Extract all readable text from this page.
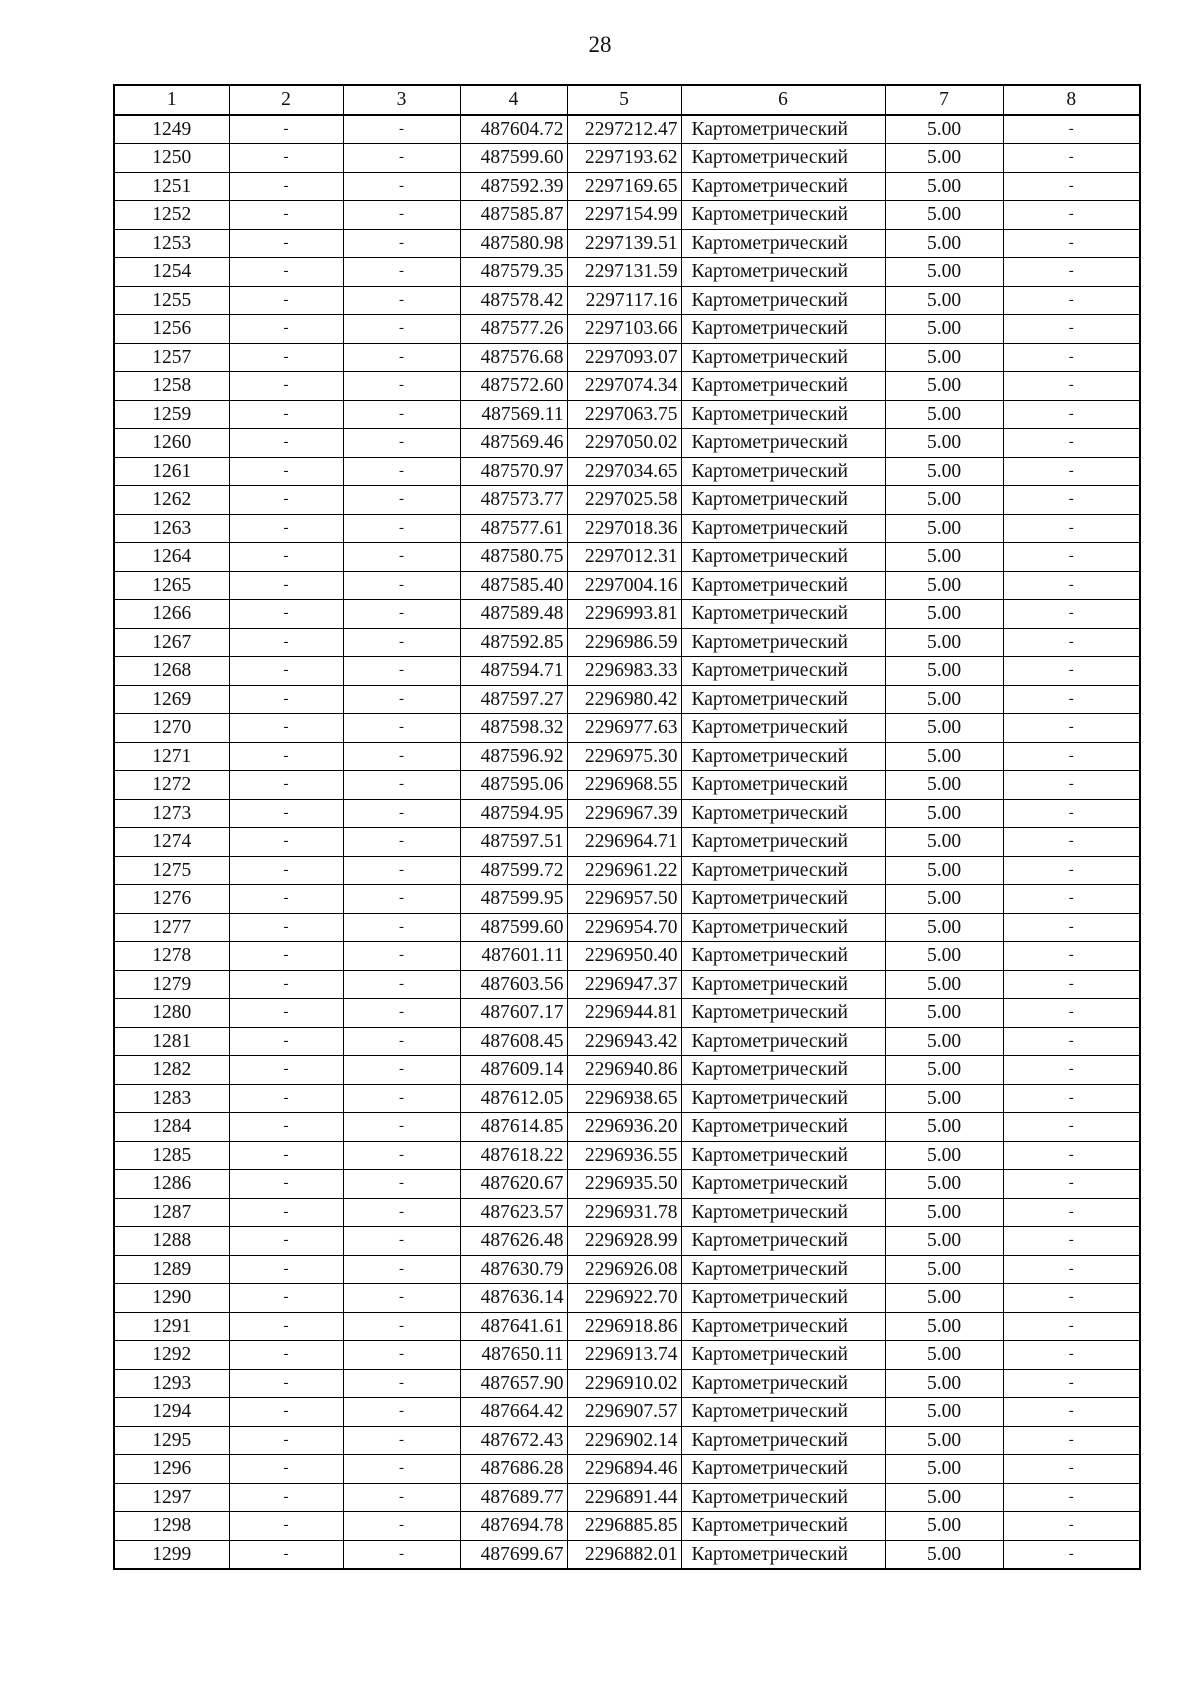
28
1	2	3	4	5	6	7	8
1249	-	-	487604.72	2297212.47	Картометрический	5.00	-
1250	-	-	487599.60	2297193.62	Картометрический	5.00	-
1251	-	-	487592.39	2297169.65	Картометрический	5.00	-
1252	-	-	487585.87	2297154.99	Картометрический	5.00	-
1253	-	-	487580.98	2297139.51	Картометрический	5.00	-
1254	-	-	487579.35	2297131.59	Картометрический	5.00	-
1255	-	-	487578.42	2297117.16	Картометрический	5.00	-
1256	-	-	487577.26	2297103.66	Картометрический	5.00	-
1257	-	-	487576.68	2297093.07	Картометрический	5.00	-
1258	-	-	487572.60	2297074.34	Картометрический	5.00	-
1259	-	-	487569.11	2297063.75	Картометрический	5.00	-
1260	-	-	487569.46	2297050.02	Картометрический	5.00	-
1261	-	-	487570.97	2297034.65	Картометрический	5.00	-
1262	-	-	487573.77	2297025.58	Картометрический	5.00	-
1263	-	-	487577.61	2297018.36	Картометрический	5.00	-
1264	-	-	487580.75	2297012.31	Картометрический	5.00	-
1265	-	-	487585.40	2297004.16	Картометрический	5.00	-
1266	-	-	487589.48	2296993.81	Картометрический	5.00	-
1267	-	-	487592.85	2296986.59	Картометрический	5.00	-
1268	-	-	487594.71	2296983.33	Картометрический	5.00	-
1269	-	-	487597.27	2296980.42	Картометрический	5.00	-
1270	-	-	487598.32	2296977.63	Картометрический	5.00	-
1271	-	-	487596.92	2296975.30	Картометрический	5.00	-
1272	-	-	487595.06	2296968.55	Картометрический	5.00	-
1273	-	-	487594.95	2296967.39	Картометрический	5.00	-
1274	-	-	487597.51	2296964.71	Картометрический	5.00	-
1275	-	-	487599.72	2296961.22	Картометрический	5.00	-
1276	-	-	487599.95	2296957.50	Картометрический	5.00	-
1277	-	-	487599.60	2296954.70	Картометрический	5.00	-
1278	-	-	487601.11	2296950.40	Картометрический	5.00	-
1279	-	-	487603.56	2296947.37	Картометрический	5.00	-
1280	-	-	487607.17	2296944.81	Картометрический	5.00	-
1281	-	-	487608.45	2296943.42	Картометрический	5.00	-
1282	-	-	487609.14	2296940.86	Картометрический	5.00	-
1283	-	-	487612.05	2296938.65	Картометрический	5.00	-
1284	-	-	487614.85	2296936.20	Картометрический	5.00	-
1285	-	-	487618.22	2296936.55	Картометрический	5.00	-
1286	-	-	487620.67	2296935.50	Картометрический	5.00	-
1287	-	-	487623.57	2296931.78	Картометрический	5.00	-
1288	-	-	487626.48	2296928.99	Картометрический	5.00	-
1289	-	-	487630.79	2296926.08	Картометрический	5.00	-
1290	-	-	487636.14	2296922.70	Картометрический	5.00	-
1291	-	-	487641.61	2296918.86	Картометрический	5.00	-
1292	-	-	487650.11	2296913.74	Картометрический	5.00	-
1293	-	-	487657.90	2296910.02	Картометрический	5.00	-
1294	-	-	487664.42	2296907.57	Картометрический	5.00	-
1295	-	-	487672.43	2296902.14	Картометрический	5.00	-
1296	-	-	487686.28	2296894.46	Картометрический	5.00	-
1297	-	-	487689.77	2296891.44	Картометрический	5.00	-
1298	-	-	487694.78	2296885.85	Картометрический	5.00	-
1299	-	-	487699.67	2296882.01	Картометрический	5.00	-
